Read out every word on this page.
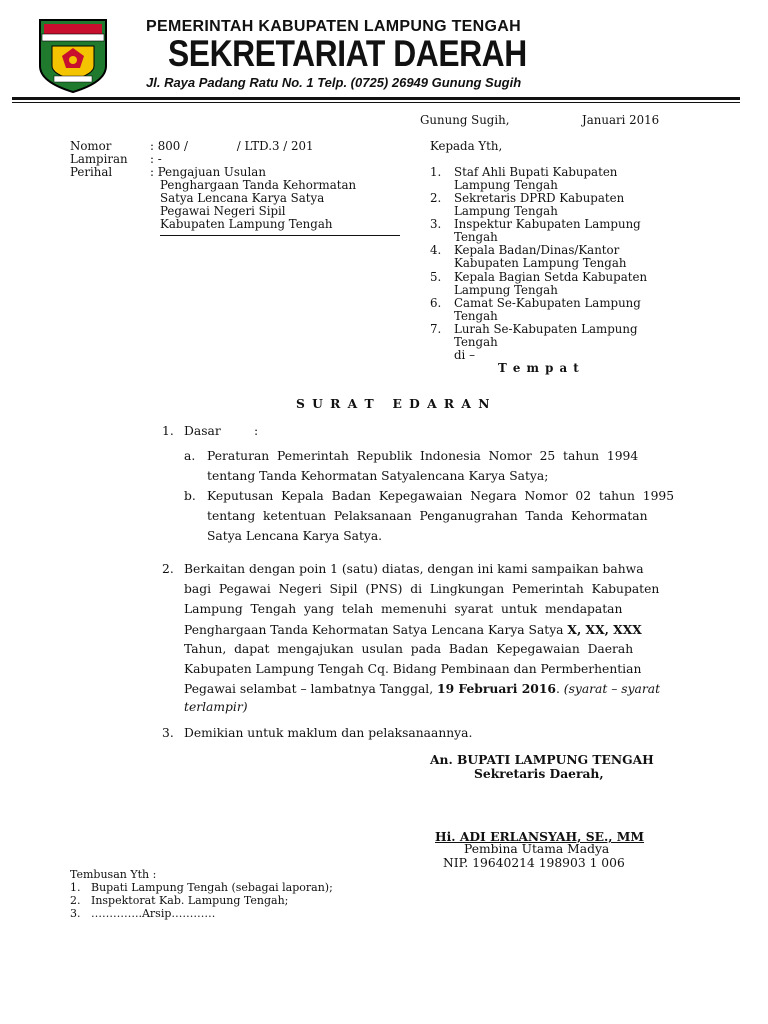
PEMERINTAH KABUPATEN LAMPUNG TENGAH
SEKRETARIAT DAERAH
Jl. Raya Padang Ratu No. 1 Telp. (0725) 26949 Gunung Sugih
Gunung Sugih,	Januari 2016
Nomor	: 800 /             / LTD.3 / 201
Lampiran : -
Perihal	: Pengajuan Usulan
Penghargaan Tanda Kehormatan
Satya Lencana Karya Satya
Pegawai Negeri Sipil
Kabupaten Lampung Tengah
Kepada Yth,
1. Staf Ahli Bupati Kabupaten
Lampung Tengah
2. Sekretaris DPRD Kabupaten
Lampung Tengah
3. Inspektur Kabupaten Lampung
Tengah
4. Kepala Badan/Dinas/Kantor
Kabupaten Lampung Tengah
5. Kepala Bagian Setda Kabupaten
Lampung Tengah
6. Camat Se-Kabupaten Lampung
Tengah
7. Lurah Se-Kabupaten Lampung
Tengah
di –
T e m p a t
S U R A T   E D A R A N
1. Dasar	:
a. Peraturan  Pemerintah  Republik  Indonesia  Nomor  25  tahun  1994
tentang Tanda Kehormatan Satyalencana Karya Satya;
b. Keputusan  Kepala  Badan  Kepegawaian  Negara  Nomor  02  tahun  1995
tentang  ketentuan  Pelaksanaan  Penganugrahan  Tanda  Kehormatan
Satya Lencana Karya Satya.
2. Berkaitan dengan poin 1 (satu) diatas, dengan ini kami sampaikan bahwa
bagi  Pegawai  Negeri  Sipil  (PNS)  di  Lingkungan  Pemerintah  Kabupaten
Lampung  Tengah  yang  telah  memenuhi  syarat  untuk  mendapatan
Penghargaan Tanda Kehormatan Satya Lencana Karya Satya X, XX, XXX
Tahun,  dapat  mengajukan  usulan  pada  Badan  Kepegawaian  Daerah
Kabupaten Lampung Tengah Cq. Bidang Pembinaan dan Permberhentian
Pegawai selambat – lambatnya Tanggal, 19 Februari 2016. (syarat – syarat
terlampir)
3. Demikian untuk maklum dan pelaksanaannya.
An. BUPATI LAMPUNG TENGAH
Sekretaris Daerah,
Hi. ADI ERLANSYAH, SE., MM
Pembina Utama Madya
NIP. 19640214 198903 1 006
Tembusan Yth :
1.   Bupati Lampung Tengah (sebagai laporan);
2.   Inspektorat Kab. Lampung Tengah;
3.   …………..Arsip…………
